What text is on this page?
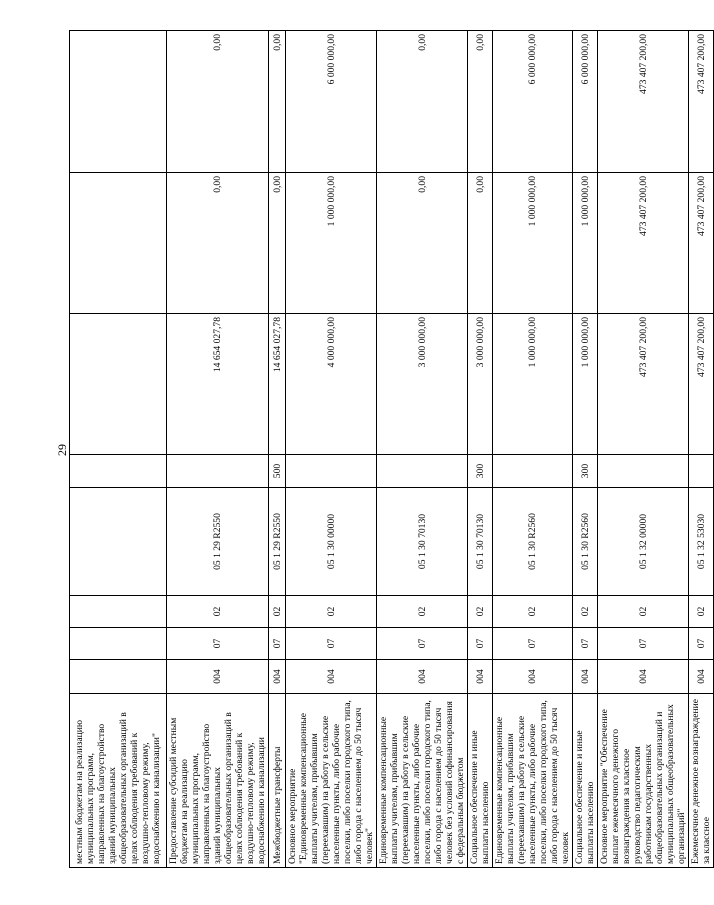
29
местным бюджетам на реализацию муниципальных программ, направленных на благоустройство зданий муниципальных общеобразовательных организаций в целях соблюдения требований к воздушно-тепловому режиму, водоснабжению и канализации"								
Предоставление субсидий местным бюджетам на реализацию муниципальных программ, направленных на благоустройство зданий муниципальных общеобразовательных организаций в целях соблюдения требований к воздушно-тепловому режиму, водоснабжению и канализации	004	07	02	05 1 29 R2550		14 654 027,78	0,00	0,00
Межбюджетные трансферты	004	07	02	05 1 29 R2550	500	14 654 027,78	0,00	0,00
Основное мероприятие "Единовременные компенсационные выплаты учителям, прибывшим (переехавшим) на работу в сельские населенные пункты, либо рабочие поселки, либо поселки городского типа, либо города с населением до 50 тысяч человек"	004	07	02	05 1 30 00000		4 000 000,00	1 000 000,00	6 000 000,00
Единовременные компенсационные выплаты учителям, прибывшим (переехавшим) на работу в сельские населенные пункты, либо рабочие поселки, либо поселки городского типа, либо города с населением до 50 тысяч человек без условий софинансирования с федеральным бюджетом	004	07	02	05 1 30 70130		3 000 000,00	0,00	0,00
Социальное обеспечение и иные выплаты населению	004	07	02	05 1 30 70130	300	3 000 000,00	0,00	0,00
Единовременные компенсационные выплаты учителям, прибывшим (переехавшим) на работу в сельские населенные пункты, либо рабочие поселки, либо поселки городского типа, либо города с населением до 50 тысяч человек	004	07	02	05 1 30 R2560		1 000 000,00	1 000 000,00	6 000 000,00
Социальное обеспечение и иные выплаты населению	004	07	02	05 1 30 R2560	300	1 000 000,00	1 000 000,00	6 000 000,00
Основное мероприятие "Обеспечение выплат ежемесячного денежного вознаграждения за классное руководство педагогическим работникам государственных общеобразовательных организаций и муниципальных общеобразовательных организаций"	004	07	02	05 1 32 00000		473 407 200,00	473 407 200,00	473 407 200,00
Ежемесячное денежное вознаграждение за классное	004	07	02	05 1 32 53030		473 407 200,00	473 407 200,00	473 407 200,00
